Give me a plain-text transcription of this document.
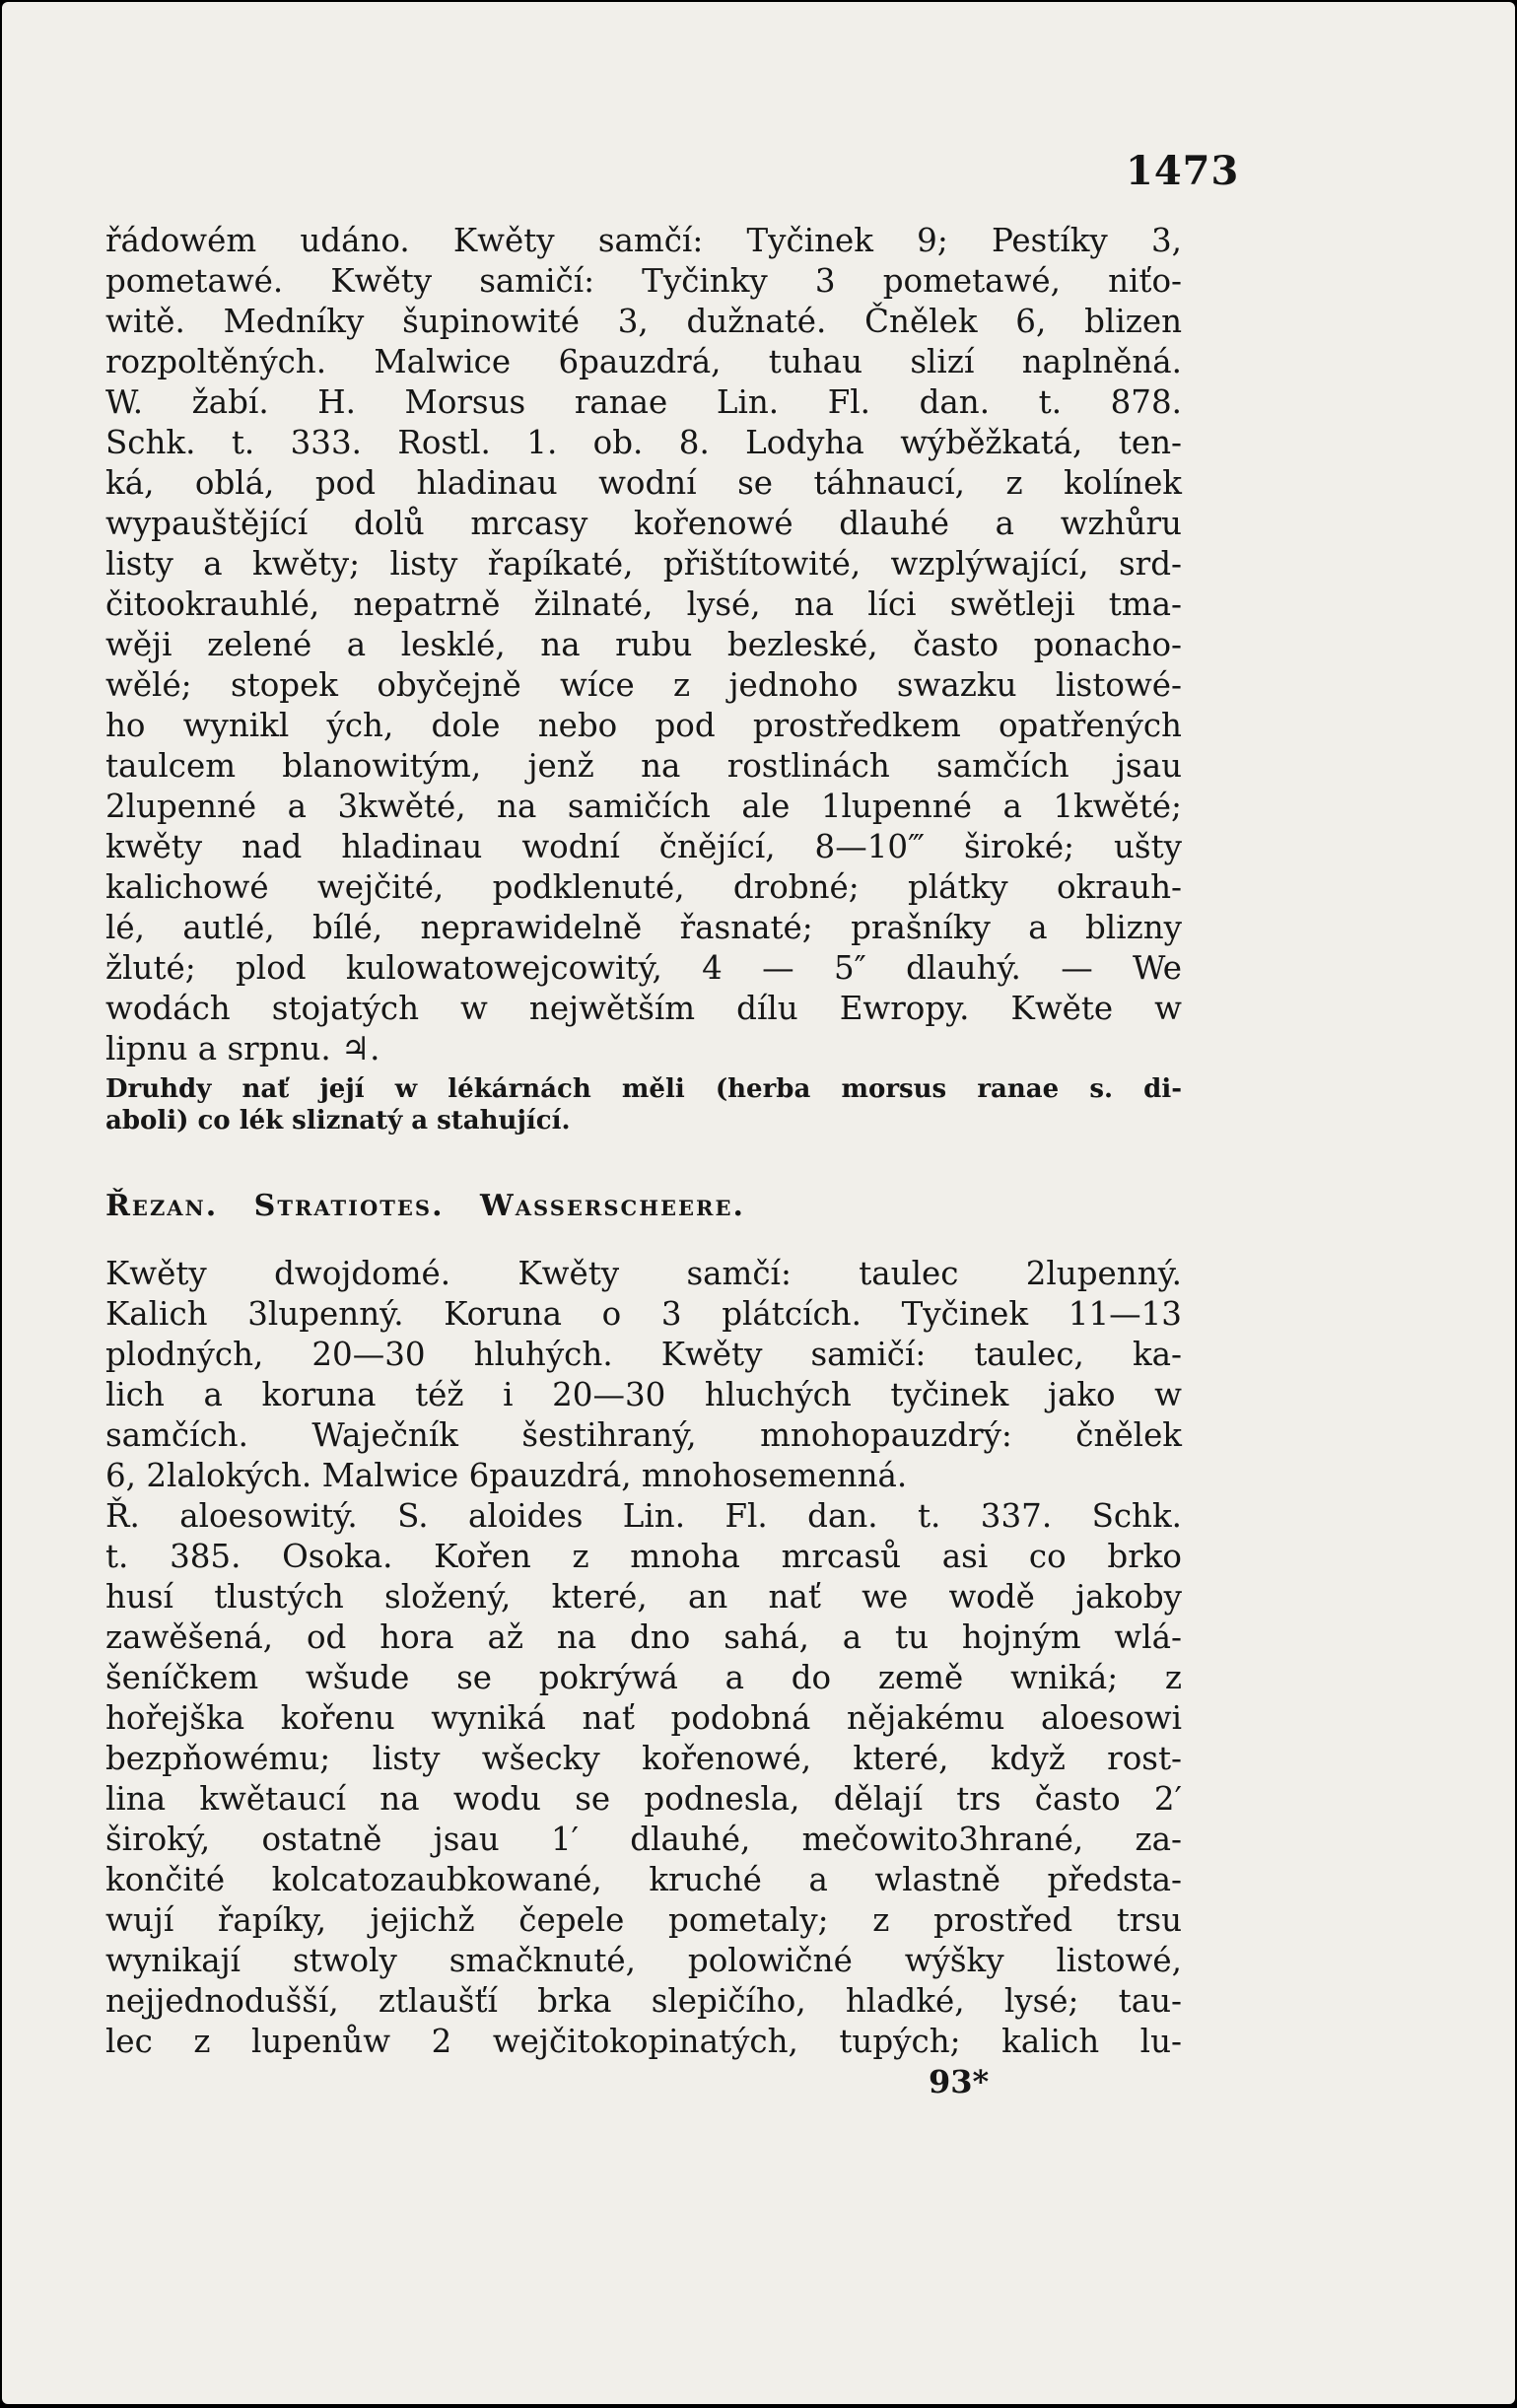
1473
řádowém udáno. Kwěty samčí: Tyčinek 9; Pestíky 3,
pometawé. Kwěty samičí: Tyčinky 3 pometawé, niťo-
witě. Medníky šupinowité 3, dužnaté. Čnělek 6, blizen
rozpoltěných. Malwice 6pauzdrá, tuhau slizí naplněná.
W. žabí. H. Morsus ranae Lin. Fl. dan. t. 878.
Schk. t. 333. Rostl. 1. ob. 8. Lodyha wýběžkatá, ten-
ká, oblá, pod hladinau wodní se táhnaucí, z kolínek
wypauštějící dolů mrcasy kořenowé dlauhé a wzhůru
listy a kwěty; listy řapíkaté, přištítowité, wzplýwající, srd-
čitookrauhlé, nepatrně žilnaté, lysé, na líci swětleji tma-
wěji zelené a lesklé, na rubu bezleské, často ponacho-
wělé; stopek obyčejně wíce z jednoho swazku listowé-
ho wynikl ých, dole nebo pod prostředkem opatřených
taulcem blanowitým, jenž na rostlinách samčích jsau
2lupenné a 3kwěté, na samičích ale 1lupenné a 1kwěté;
kwěty nad hladinau wodní čnějící, 8—10‴ široké; ušty
kalichowé wejčité, podklenuté, drobné; plátky okrauh-
lé, autlé, bílé, neprawidelně řasnaté; prašníky a blizny
žluté; plod kulowatowejcowitý, 4 — 5″ dlauhý. — We
wodách stojatých w nejwětším dílu Ewropy. Kwěte w
lipnu a srpnu. ♃.
Druhdy nať její w lékárnách měli (herba morsus ranae s. di-
aboli) co lék sliznatý a stahující.
Řezan. Stratiotes. Wasserscheere.
Kwěty dwojdomé. Kwěty samčí: taulec 2lupenný.
Kalich 3lupenný. Koruna o 3 plátcích. Tyčinek 11—13
plodných, 20—30 hluhých. Kwěty samičí: taulec, ka-
lich a koruna též i 20—30 hluchých tyčinek jako w
samčích. Waječník šestihraný, mnohopauzdrý: čnělek
6, 2lalokých. Malwice 6pauzdrá, mnohosemenná.
Ř. aloesowitý. S. aloides Lin. Fl. dan. t. 337. Schk.
t. 385. Osoka. Kořen z mnoha mrcasů asi co brko
husí tlustých složený, které, an nať we wodě jakoby
zawěšená, od hora až na dno sahá, a tu hojným wlá-
šeníčkem wšude se pokrýwá a do země wniká; z
hořejška kořenu wyniká nať podobná nějakému aloesowi
bezpňowému; listy wšecky kořenowé, které, když rost-
lina kwětaucí na wodu se podnesla, dělají trs často 2′
široký, ostatně jsau 1′ dlauhé, mečowito3hrané, za-
končité kolcatozaubkowané, kruché a wlastně předsta-
wují řapíky, jejichž čepele pometaly; z prostřed trsu
wynikají stwoly smačknuté, polowičné wýšky listowé,
nejjednodušší, ztlaušťí brka slepičího, hladké, lysé; tau-
lec z lupenůw 2 wejčitokopinatých, tupých; kalich lu-
93*
